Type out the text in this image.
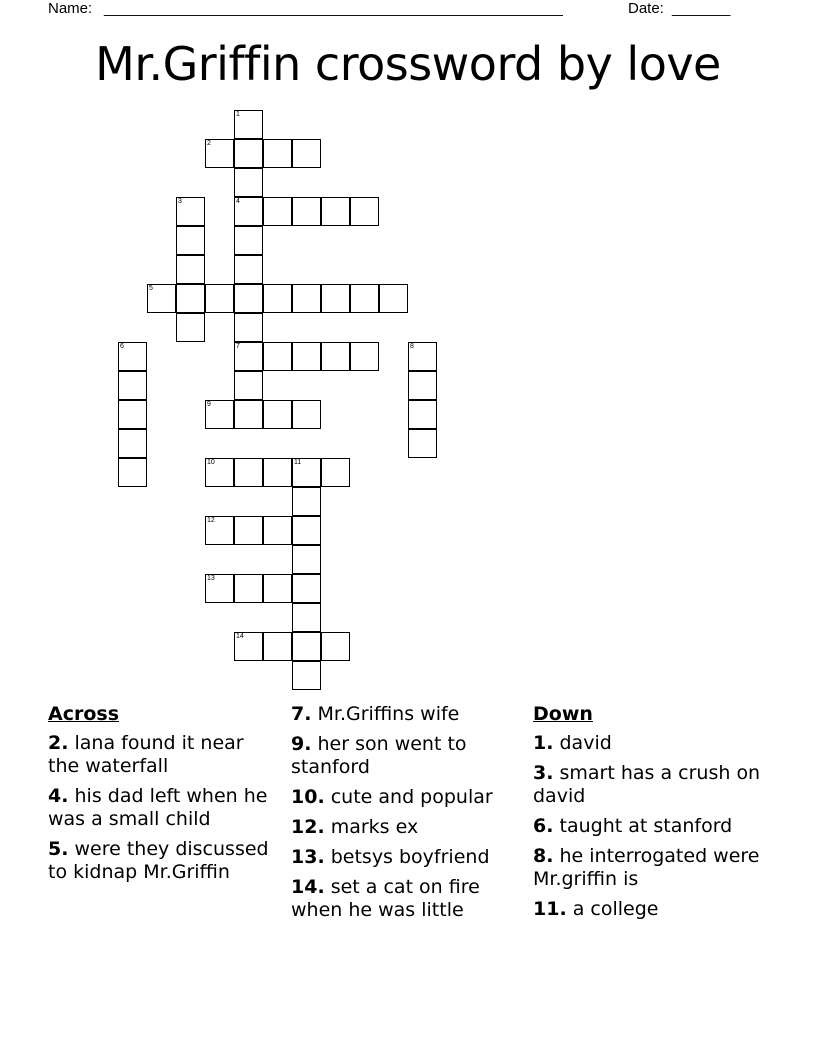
Name: _______________________________________________________	Date: _______
Mr.Griffin crossword by love
1
2
3	4
5
6	7	8
9
10	11
12
13
14
Across
2. lana found it near the waterfall
4. his dad left when he was a small child
5. were they discussed to kidnap Mr.Griffin
7. Mr.Griffins wife
9. her son went to stanford
10. cute and popular
12. marks ex
13. betsys boyfriend
14. set a cat on fire when he was little
Down
1. david
3. smart has a crush on david
6. taught at stanford
8. he interrogated were Mr.griffin is
11. a college
